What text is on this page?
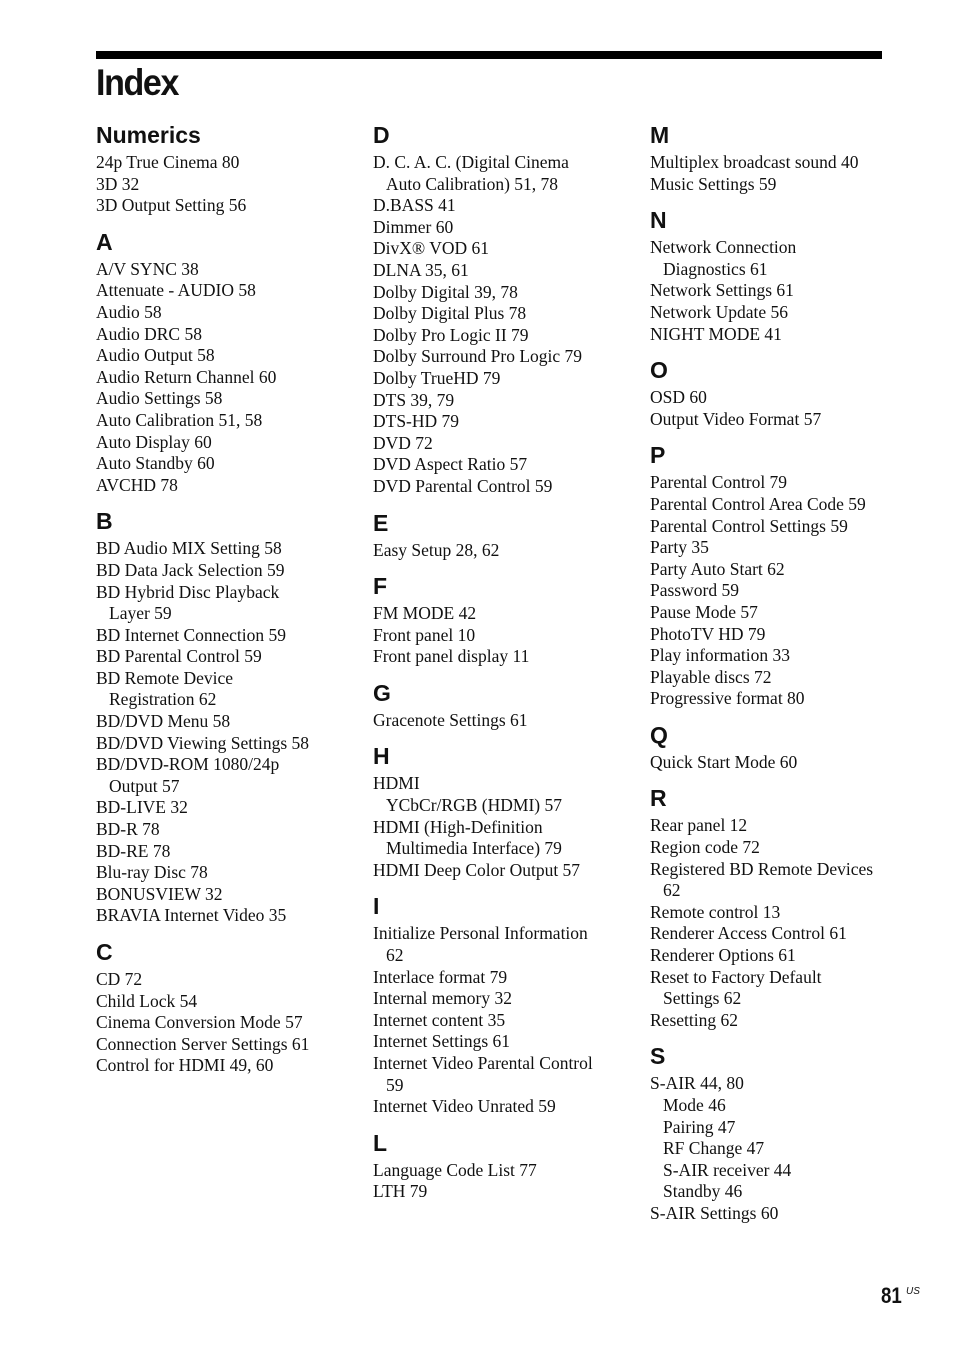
Index
Numerics
24p True Cinema 80
3D 32
3D Output Setting 56
A
A/V SYNC 38
Attenuate - AUDIO 58
Audio 58
Audio DRC 58
Audio Output 58
Audio Return Channel 60
Audio Settings 58
Auto Calibration 51, 58
Auto Display 60
Auto Standby 60
AVCHD 78
B
BD Audio MIX Setting 58
BD Data Jack Selection 59
BD Hybrid Disc Playback
Layer 59
BD Internet Connection 59
BD Parental Control 59
BD Remote Device
Registration 62
BD/DVD Menu 58
BD/DVD Viewing Settings 58
BD/DVD-ROM 1080/24p
Output 57
BD-LIVE 32
BD-R 78
BD-RE 78
Blu-ray Disc 78
BONUSVIEW 32
BRAVIA Internet Video 35
C
CD 72
Child Lock 54
Cinema Conversion Mode 57
Connection Server Settings 61
Control for HDMI 49, 60
D
D. C. A. C. (Digital Cinema
Auto Calibration) 51, 78
D.BASS 41
Dimmer 60
DivX® VOD 61
DLNA 35, 61
Dolby Digital 39, 78
Dolby Digital Plus 78
Dolby Pro Logic II 79
Dolby Surround Pro Logic 79
Dolby TrueHD 79
DTS 39, 79
DTS-HD 79
DVD 72
DVD Aspect Ratio 57
DVD Parental Control 59
E
Easy Setup 28, 62
F
FM MODE 42
Front panel 10
Front panel display 11
G
Gracenote Settings 61
H
HDMI
YCbCr/RGB (HDMI) 57
HDMI (High-Definition
Multimedia Interface) 79
HDMI Deep Color Output 57
I
Initialize Personal Information
62
Interlace format 79
Internal memory 32
Internet content 35
Internet Settings 61
Internet Video Parental Control
59
Internet Video Unrated 59
L
Language Code List 77
LTH 79
M
Multiplex broadcast sound 40
Music Settings 59
N
Network Connection
Diagnostics 61
Network Settings 61
Network Update 56
NIGHT MODE 41
O
OSD 60
Output Video Format 57
P
Parental Control 79
Parental Control Area Code 59
Parental Control Settings 59
Party 35
Party Auto Start 62
Password 59
Pause Mode 57
PhotoTV HD 79
Play information 33
Playable discs 72
Progressive format 80
Q
Quick Start Mode 60
R
Rear panel 12
Region code 72
Registered BD Remote Devices
62
Remote control 13
Renderer Access Control 61
Renderer Options 61
Reset to Factory Default
Settings 62
Resetting 62
S
S-AIR 44, 80
Mode 46
Pairing 47
RF Change 47
S-AIR receiver 44
Standby 46
S-AIR Settings 60
81 US
